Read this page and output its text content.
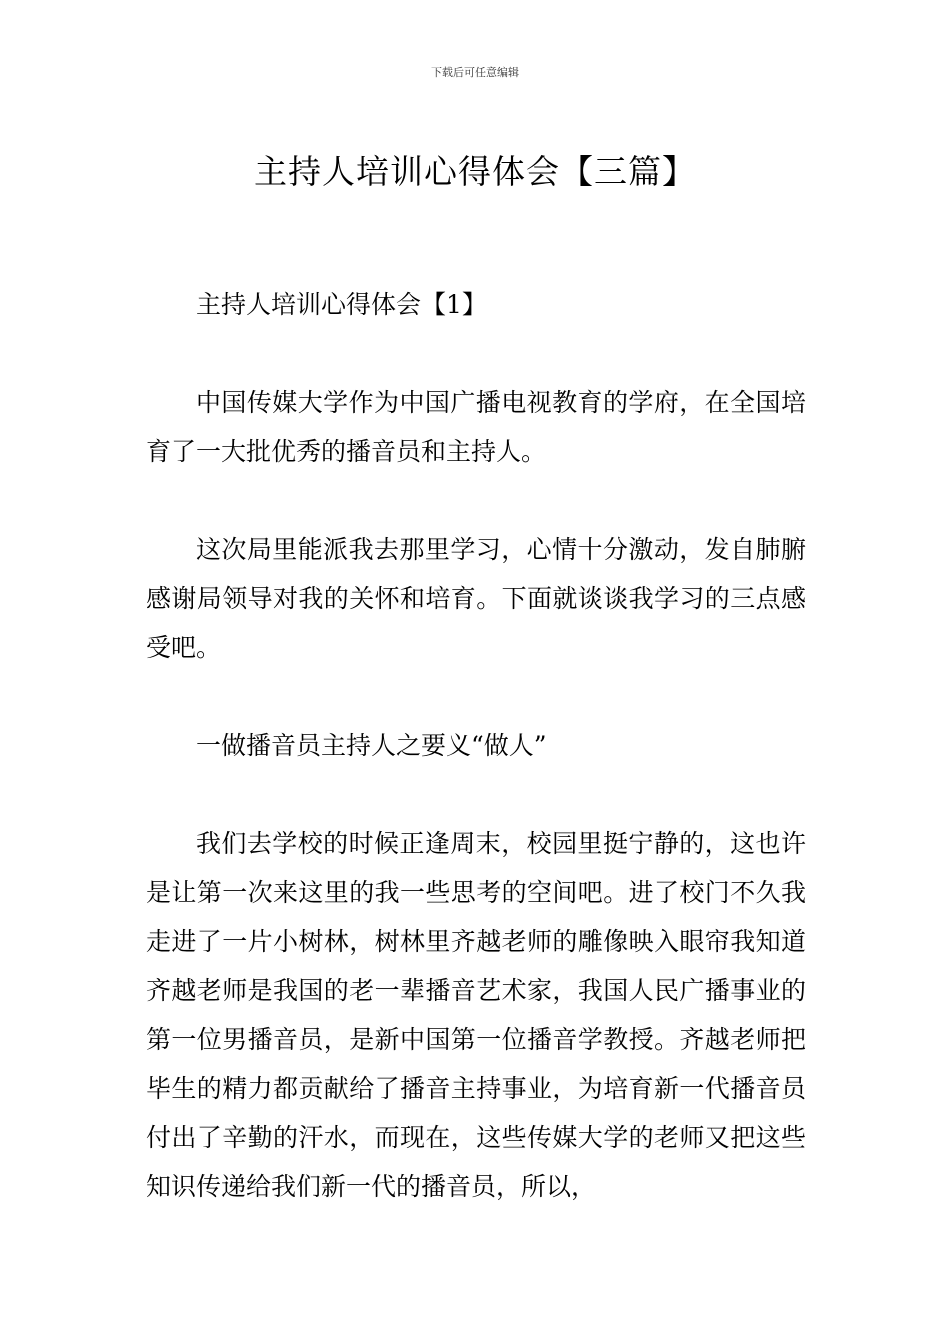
下载后可任意编辑
主持人培训心得体会【三篇】

主持人培训心得体会【1】

中国传媒大学作为中国广播电视教育的学府，在全国培育了一大批优秀的播音员和主持人。

这次局里能派我去那里学习，心情十分激动，发自肺腑感谢局领导对我的关怀和培育。下面就谈谈我学习的三点感受吧。

一做播音员主持人之要义“做人”

我们去学校的时候正逢周末，校园里挺宁静的，这也许是让第一次来这里的我一些思考的空间吧。进了校门不久我走进了一片小树林，树林里齐越老师的雕像映入眼帘我知道齐越老师是我国的老一辈播音艺术家，我国人民广播事业的第一位男播音员，是新中国第一位播音学教授。齐越老师把毕生的精力都贡献给了播音主持事业，为培育新一代播音员付出了辛勤的汗水，而现在，这些传媒大学的老师又把这些知识传递给我们新一代的播音员，所以，
